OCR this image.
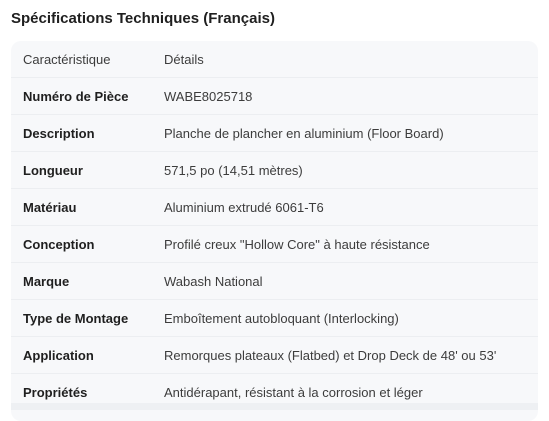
Spécifications Techniques (Français)
Caractéristique	Détails
Numéro de Pièce	WABE8025718
Description	Planche de plancher en aluminium (Floor Board)
Longueur	571,5 po (14,51 mètres)
Matériau	Aluminium extrudé 6061-T6
Conception	Profilé creux "Hollow Core" à haute résistance
Marque	Wabash National
Type de Montage	Emboîtement autobloquant (Interlocking)
Application	Remorques plateaux (Flatbed) et Drop Deck de 48' ou 53'
Propriétés	Antidérapant, résistant à la corrosion et léger
